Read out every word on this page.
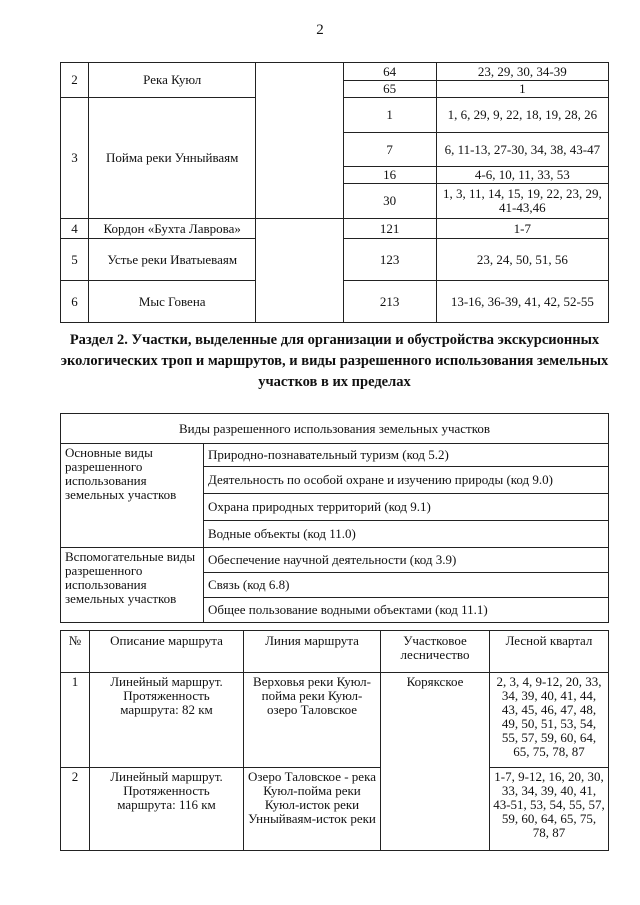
2
2	Река Куюл		64	23, 29, 30, 34-39
			65	1
3	Пойма реки Унныйваям		1	1, 6, 29, 9, 22, 18, 19, 28, 26
			7	6, 11-13, 27-30, 34, 38, 43-47
			16	4-6, 10, 11, 33, 53
			30	1, 3, 11, 14, 15, 19, 22, 23, 29, 41-43,46
4	Кордон «Бухта Лаврова»		121	1-7
5	Устье реки Иватыеваям		123	23, 24, 50, 51, 56
6	Мыс Говена		213	13-16, 36-39, 41, 42, 52-55
Раздел 2. Участки, выделенные для организации и обустройства экскурсионных экологических троп и маршрутов, и виды разрешенного использования земельных участков в их пределах
Виды разрешенного использования земельных участков	
Основные виды разрешенного использования земельных участков	Природно-познавательный туризм (код 5.2)
	Деятельность по особой охране и изучению природы (код 9.0)
	Охрана природных территорий (код 9.1)
	Водные объекты (код 11.0)
Вспомогательные виды разрешенного использования земельных участков	Обеспечение научной деятельности (код 3.9)
	Связь (код 6.8)
	Общее пользование водными объектами (код 11.1)
№	Описание маршрута	Линия маршрута	Участковое лесничество	Лесной квартал
1	Линейный маршрут. Протяженность маршрута: 82 км	Верховья реки Куюл-пойма реки Куюл-озеро Таловское	Корякское	2, 3, 4, 9-12, 20, 33, 34, 39, 40, 41, 44, 43, 45, 46, 47, 48, 49, 50, 51, 53, 54, 55, 57, 59, 60, 64, 65, 75, 78, 87
2	Линейный маршрут. Протяженность маршрута: 116 км	Озеро Таловское - река Куюл-пойма реки Куюл-исток реки Унныйваям-исток реки		1-7, 9-12, 16, 20, 30, 33, 34, 39, 40, 41, 43-51, 53, 54, 55, 57, 59, 60, 64, 65, 75, 78, 87
